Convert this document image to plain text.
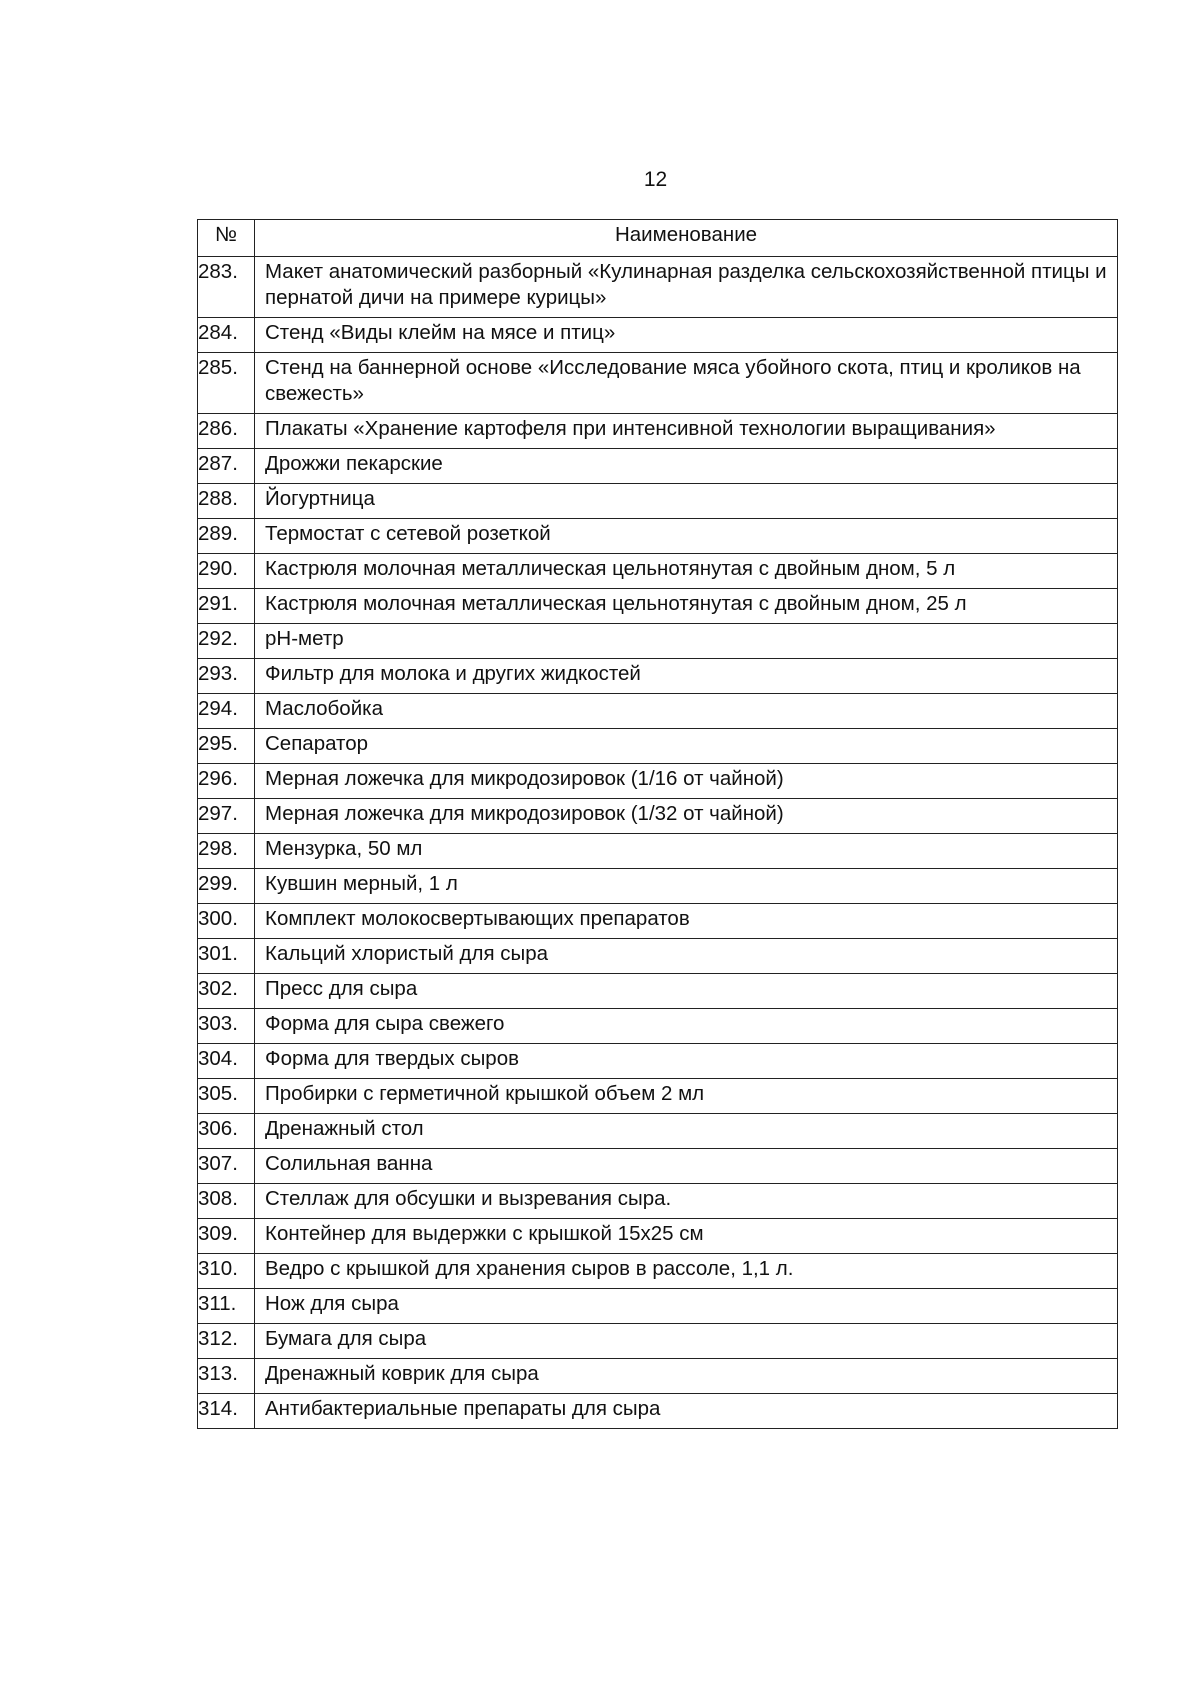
12
№	Наименование
283.	Макет анатомический разборный «Кулинарная разделка сельскохозяйственной птицы и пернатой дичи на примере курицы»
284.	Стенд «Виды клейм на мясе и птиц»
285.	Стенд на баннерной основе «Исследование мяса убойного скота, птиц и кроликов на свежесть»
286.	Плакаты «Хранение картофеля при интенсивной технологии выращивания»
287.	Дрожжи пекарские
288.	Йогуртница
289.	Термостат с сетевой розеткой
290.	Кастрюля молочная металлическая цельнотянутая с двойным дном, 5 л
291.	Кастрюля молочная металлическая цельнотянутая с двойным дном, 25 л
292.	pH-метр
293.	Фильтр для молока и других жидкостей
294.	Маслобойка
295.	Сепаратор
296.	Мерная ложечка для микродозировок (1/16 от чайной)
297.	Мерная ложечка для микродозировок (1/32 от чайной)
298.	Мензурка, 50 мл
299.	Кувшин мерный, 1 л
300.	Комплект молокосвертывающих препаратов
301.	Кальций хлористый для сыра
302.	Пресс для сыра
303.	Форма для сыра свежего
304.	Форма для твердых сыров
305.	Пробирки с герметичной крышкой объем 2 мл
306.	Дренажный стол
307.	Солильная ванна
308.	Стеллаж для обсушки и вызревания сыра.
309.	Контейнер для выдержки с крышкой 15х25 см
310.	Ведро с крышкой для хранения сыров в рассоле, 1,1 л.
311.	Нож для сыра
312.	Бумага для сыра
313.	Дренажный коврик для сыра
314.	Антибактериальные препараты для сыра
